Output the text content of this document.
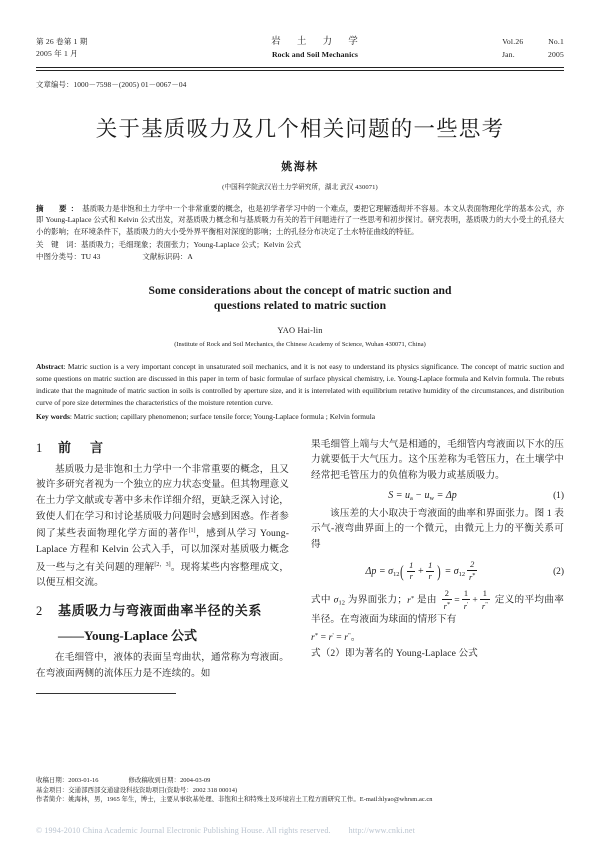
第 26 卷第 1 期
2005 年 1 月
岩 土 力 学
Rock and Soil Mechanics
Vol.26	No.1
Jan.	2005
文章编号：1000－7598－(2005) 01－0067－04
关于基质吸力及几个相关问题的一些思考
姚海林
(中国科学院武汉岩土力学研究所，湖北 武汉 430071)
摘　要：基质吸力是非饱和土力学中一个非常重要的概念，也是初学者学习中的一个难点，要把它理解透彻并不容易。本文从表面物理化学的基本公式，亦即 Young-Laplace 公式和 Kelvin 公式出发，对基质吸力概念和与基质吸力有关的若干问题进行了一些思考和初步探讨。研究表明，基质吸力的大小受土的孔径大小的影响；在环境条件下，基质吸力的大小受外界平衡相对深度的影响；土的孔径分布决定了土水特征曲线的特征。
关　键　词：基质吸力；毛细现象；表面张力；Young-Laplace 公式；Kelvin 公式
中图分类号：TU 43	文献标识码：A
Some considerations about the concept of matric suction and
questions related to matric suction
YAO Hai-lin
(Institute of Rock and Soil Mechanics, the Chinese Academy of Science, Wuhan 430071, China)
Abstract: Matric suction is a very important concept in unsaturated soil mechanics, and it is not easy to understand its physics significance. The concept of matric suction and some questions on matric suction are discussed in this paper in term of basic formulae of surface physical chemistry, i.e. Young-Laplace formula and Kelvin formula. The rebuts indicate that the magnitude of matric suction in soils is controlled by aperture size, and it is interrelated with equilibrium retative humidity of the circumstances, and distribution curve of pore size determines the characteristics of the moisture retention curve.
Key words: Matric suction; capillary phenomenon; surface tensile force; Young-Laplace formula ; Kelvin formula
1	前　言

基质吸力是非饱和土力学中一个非常重要的概念，且又被许多研究者视为一个独立的应力状态变量。但其物理意义在土力学文献或专著中多未作详细介绍，更缺乏深入讨论，致使人们在学习和讨论基质吸力问题时会感到困惑。作者参阅了某些表面物理化学方面的著作[1]，感到从学习 Young-Laplace 方程和 Kelvin 公式入手，可以加深对基质吸力概念及一些与之有关问题的理解[2，3]。现将某些内容整理成文，以便互相交流。

2	基质吸力与弯液面曲率半径的关系
——Young-Laplace 公式

在毛细管中，液体的表面呈弯曲状，通常称为弯液面。在弯液面两侧的流体压力是不连续的。如

果毛细管上端与大气是相通的，毛细管内弯液面以下水的压力就要低于大气压力。这个压差称为毛管压力，在土壤学中经常把毛管压力的负值称为吸力或基质吸力。

$S = u_a - u_w = \Delta p$	(1)

该压差的大小取决于弯液面的曲率和界面张力。图 1 表示气-液弯曲界面上的一个微元，由微元上力的平衡关系可得

$\Delta p = \sigma_{12}( \frac{1}{r} + \frac{1}{r}$ ) = $\sigma_{12} \frac{2}{r^*}$	(2)

式中 $\sigma_{12}$ 为界面张力；r* 是由 $\frac{2}{r^*} = \frac{1}{r'} + \frac{1}{r^"}$ 定义的平均曲率半径。在弯液面为球面的情形下有

r* = r' = r"。

式（2）即为著名的 Young-Laplace 公式

收稿日期：2003-01-16	修改稿收到日期：2004-03-09
基金项目：交通部西部交通建设科技资助项目(资助号：2002 318 00014)
作者简介：姚海林，男，1965 年生，博士，主要从事软基处理、非饱和土和特殊土及环境岩土工程方面研究工作。E-mail:hlyao@whrsm.ac.cn
© 1994-2010 China Academic Journal Electronic Publishing House. All rights reserved. http://www.cnki.net
